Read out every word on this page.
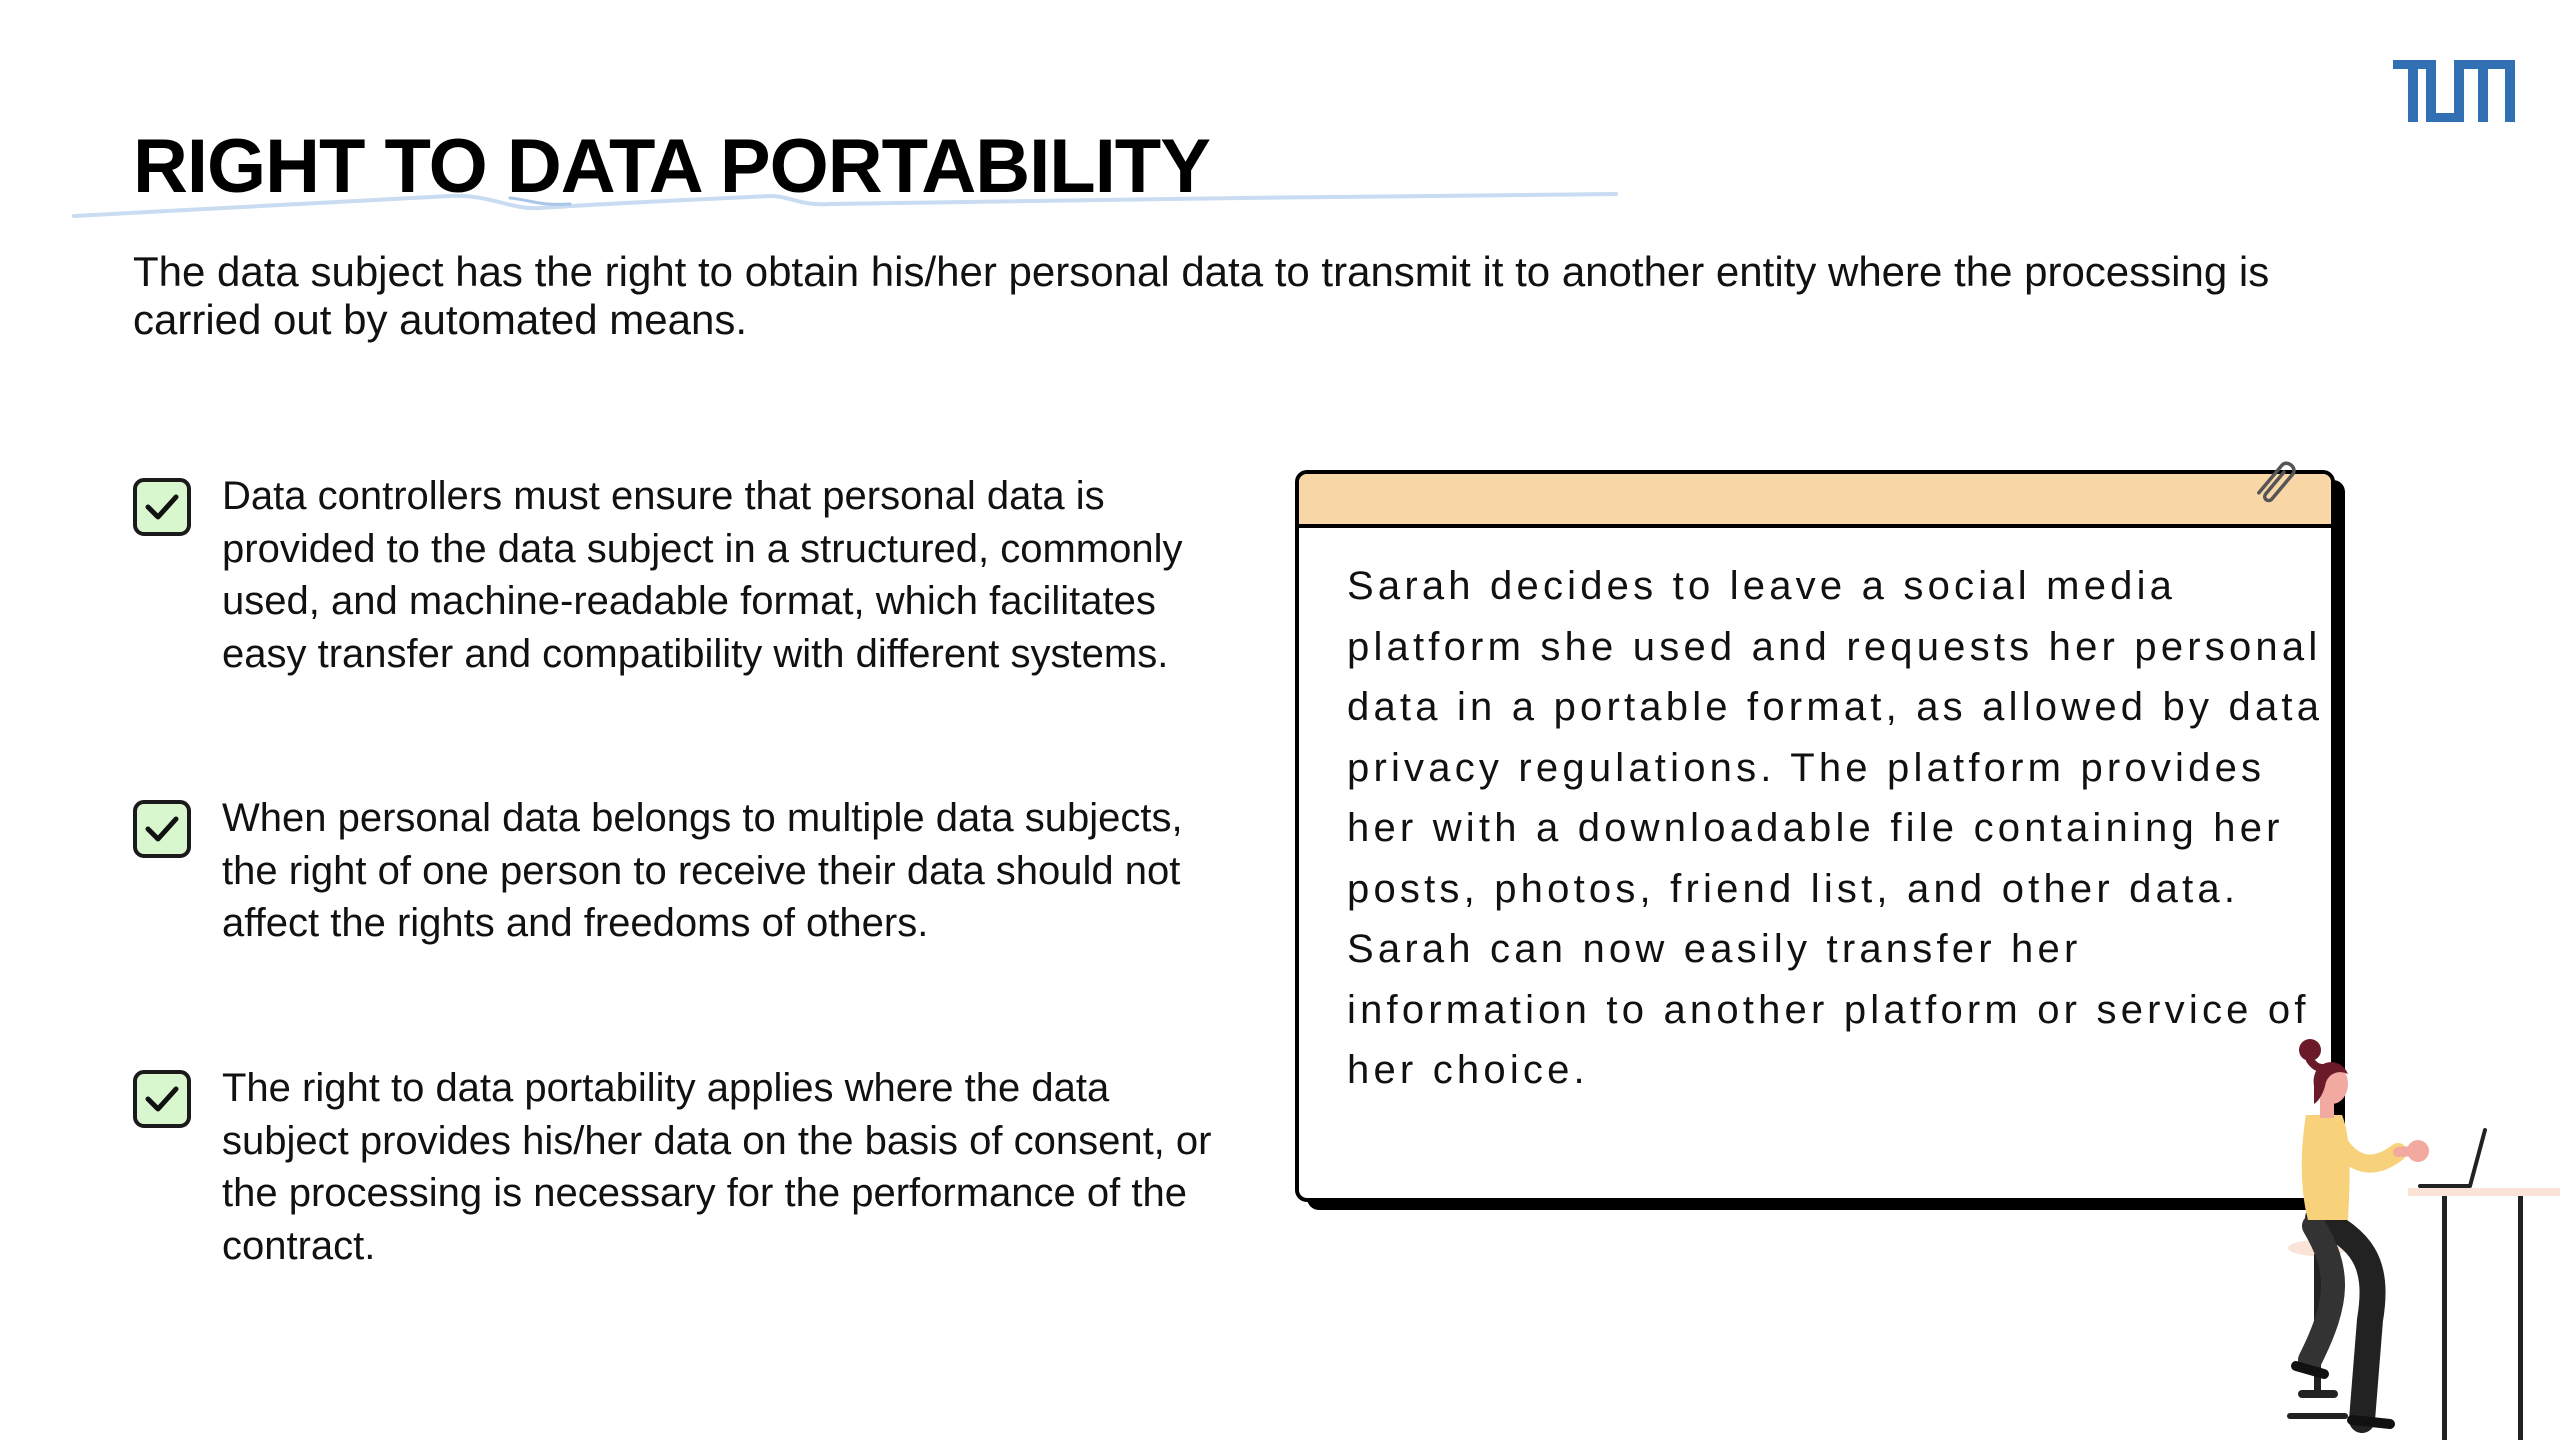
RIGHT TO DATA PORTABILITY

The data subject has the right to obtain his/her personal data to transmit it to another entity where the processing is carried out by automated means.

Data controllers must ensure that personal data is provided to the data subject in a structured, commonly used, and machine-readable format, which facilitates easy transfer and compatibility with different systems.

When personal data belongs to multiple data subjects, the right of one person to receive their data should not affect the rights and freedoms of others.

The right to data portability applies where the data subject provides his/her data on the basis of consent, or the processing is necessary for the performance of the contract.

Sarah decides to leave a social media platform she used and requests her personal data in a portable format, as allowed by data privacy regulations. The platform provides her with a downloadable file containing her posts, photos, friend list, and other data. Sarah can now easily transfer her information to another platform or service of her choice.
